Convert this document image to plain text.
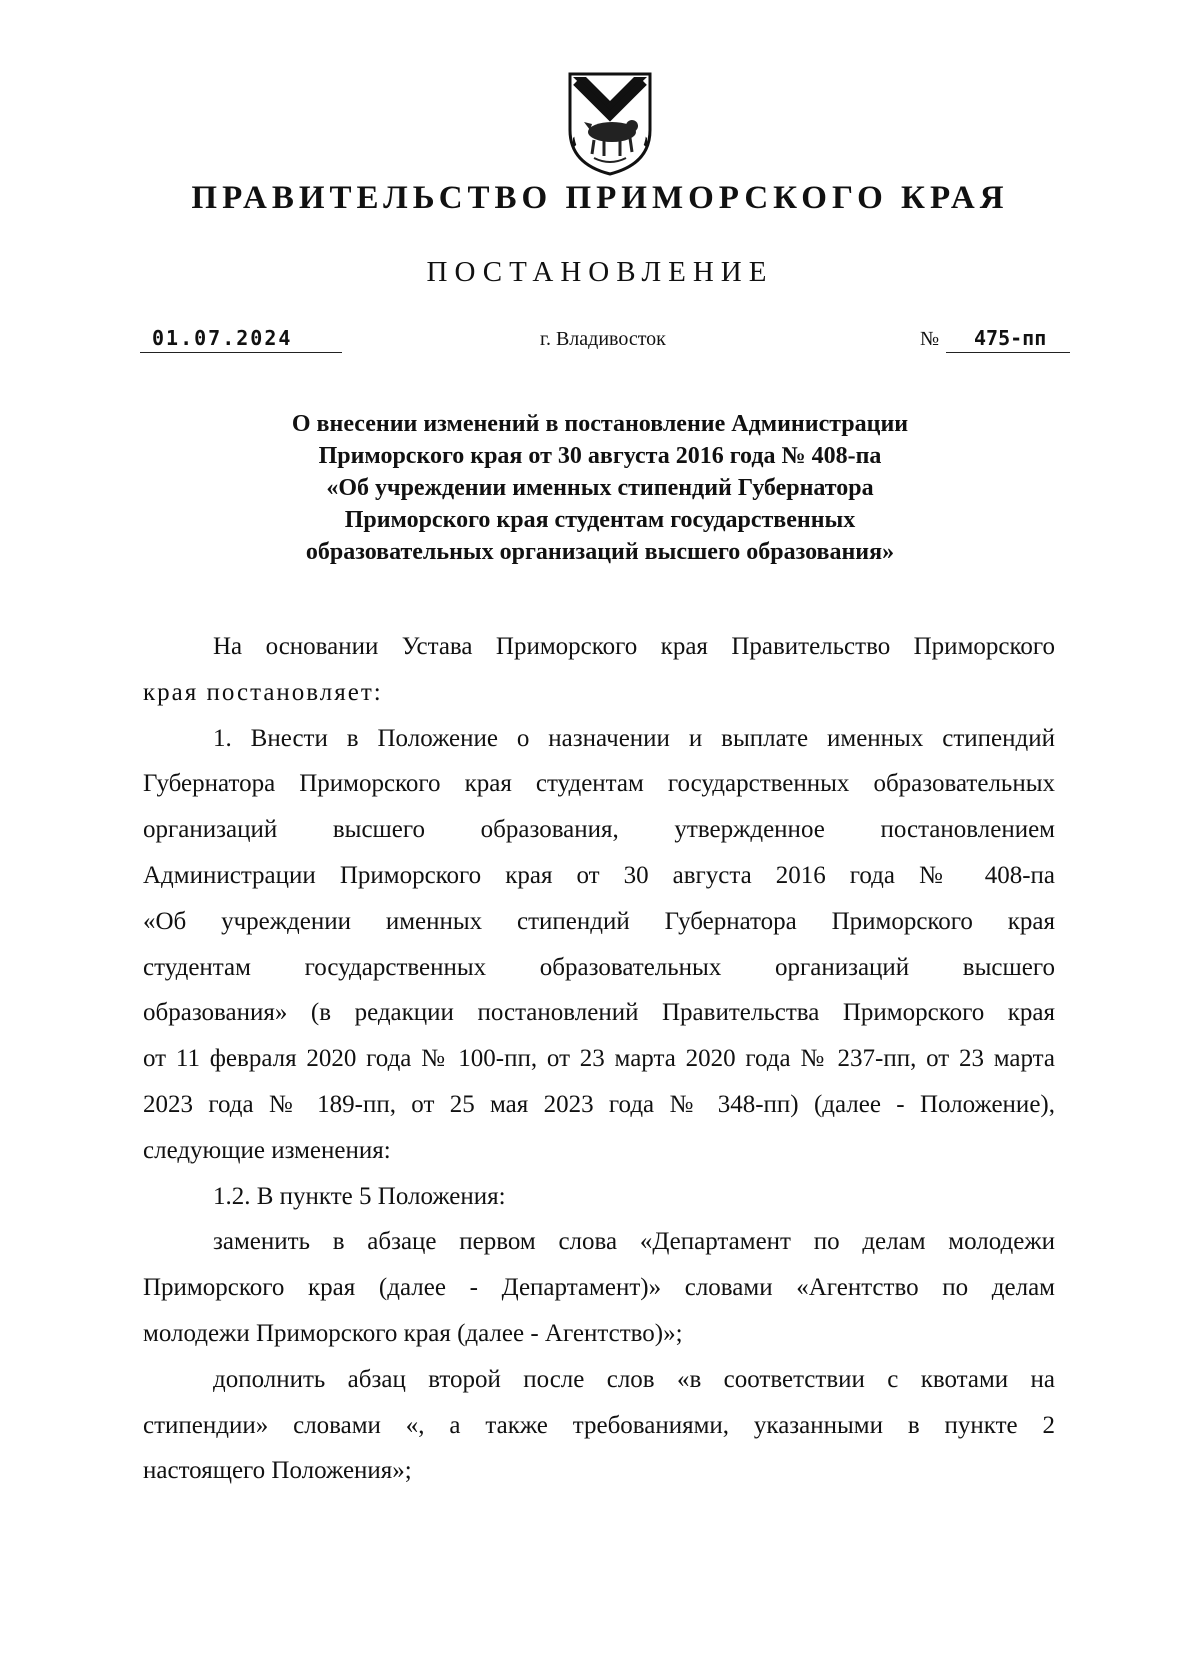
ПРАВИТЕЛЬСТВО ПРИМОРСКОГО КРАЯ
ПОСТАНОВЛЕНИЕ
01.07.2024	г. Владивосток	№	475-пп
О внесении изменений в постановление Администрации
Приморского края от 30 августа 2016 года № 408-па
«Об учреждении именных стипендий Губернатора
Приморского края студентам государственных
образовательных организаций высшего образования»
На основании Устава Приморского края Правительство Приморского
края постановляет:
1. Внести в Положение о назначении и выплате именных стипендий
Губернатора Приморского края студентам государственных образовательных
организаций высшего образования, утвержденное постановлением
Администрации Приморского края от 30 августа 2016 года № 408-па
«Об учреждении именных стипендий Губернатора Приморского края
студентам государственных образовательных организаций высшего
образования» (в редакции постановлений Правительства Приморского края
от 11 февраля 2020 года № 100-пп, от 23 марта 2020 года № 237-пп, от 23 марта
2023 года № 189-пп, от 25 мая 2023 года № 348-пп) (далее - Положение),
следующие изменения:
1.2. В пункте 5 Положения:
заменить в абзаце первом слова «Департамент по делам молодежи
Приморского края (далее - Департамент)» словами «Агентство по делам
молодежи Приморского края (далее - Агентство)»;
дополнить абзац второй после слов «в соответствии с квотами на
стипендии» словами «, а также требованиями, указанными в пункте 2
настоящего Положения»;
